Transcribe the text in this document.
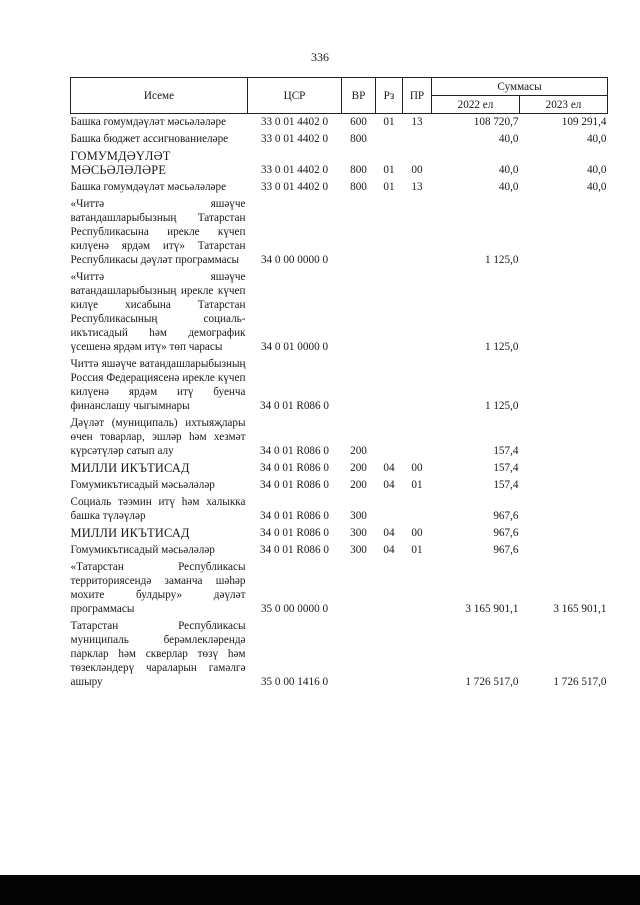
336
Исеме	ЦСР	ВР	Рз	ПР	Суммасы	
					2022 ел	2023 ел
Башка гомумдәүләт мәсьәләләре	33 0 01 4402 0	600	01	13	108 720,7	109 291,4
Башка бюджет ассигнованиеләре	33 0 01 4402 0	800			40,0	40,0
ГОМУМДӘҮЛӘТ МӘСЬӘЛӘЛӘРЕ	33 0 01 4402 0	800	01	00	40,0	40,0
Башка гомумдәүләт мәсьәләләре	33 0 01 4402 0	800	01	13	40,0	40,0
«Читтә яшәүче ватандашларыбызның Татарстан Республикасына ирекле күчеп килүенә ярдәм итү» Татарстан Республикасы дәүләт программасы	34 0 00 0000 0				1 125,0	
«Читтә яшәүче ватандашларыбызның ирекле күчеп килүе хисабына Татарстан Республикасының социаль-икътисадый һәм демографик үсешенә ярдәм итү» төп чарасы	34 0 01 0000 0				1 125,0	
Читтә яшәүче ватандашларыбызның Россия Федерациясенә ирекле күчеп килүенә ярдәм итү буенча финанслашу чыгымнары	34 0 01 R086 0				1 125,0	
Дәүләт (муниципаль) ихтыяҗлары өчен товарлар, эшләр һәм хезмәт күрсәтүләр сатып алу	34 0 01 R086 0	200			157,4	
МИЛЛИ ИКЪТИСАД	34 0 01 R086 0	200	04	00	157,4	
Гомумикътисадый мәсьәләләр	34 0 01 R086 0	200	04	01	157,4	
Социаль тәэмин итү һәм халыкка башка түләүләр	34 0 01 R086 0	300			967,6	
МИЛЛИ ИКЪТИСАД	34 0 01 R086 0	300	04	00	967,6	
Гомумикътисадый мәсьәләләр	34 0 01 R086 0	300	04	01	967,6	
«Татарстан Республикасы территориясендә заманча шәһәр мохите булдыру» дәүләт программасы	35 0 00 0000 0				3 165 901,1	3 165 901,1
Татарстан Республикасы муниципаль берәмлекләрендә парклар һәм скверлар төзү һәм төзекләндерү чараларын гамәлгә ашыру	35 0 00 1416 0				1 726 517,0	1 726 517,0
